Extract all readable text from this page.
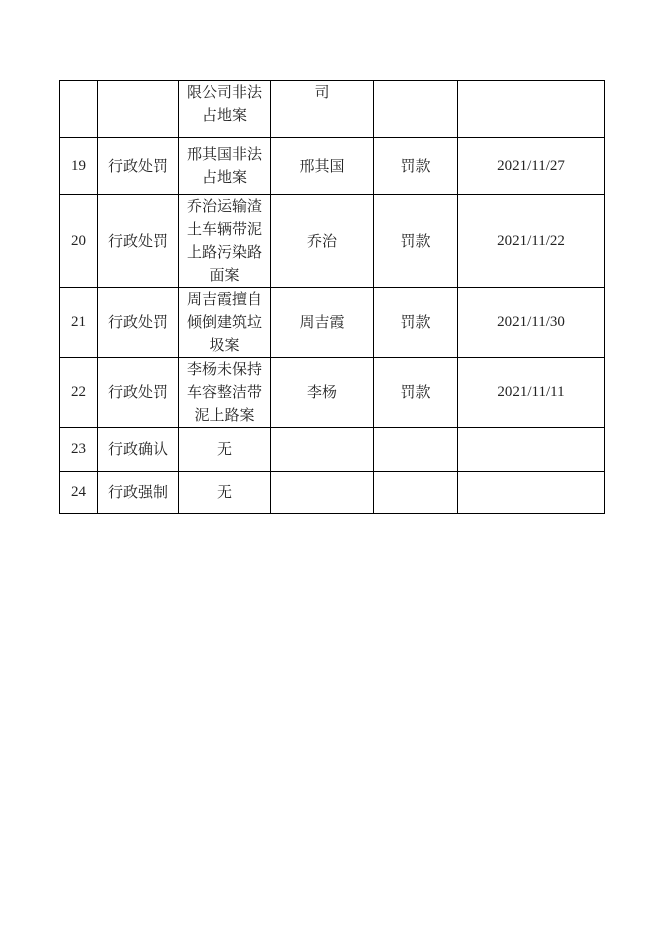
		限公司非法占地案	司		
19	行政处罚	邢其国非法占地案	邢其国	罚款	2021/11/27
20	行政处罚	乔治运输渣土车辆带泥上路污染路面案	乔治	罚款	2021/11/22
21	行政处罚	周吉霞擅自倾倒建筑垃圾案	周吉霞	罚款	2021/11/30
22	行政处罚	李杨未保持车容整洁带泥上路案	李杨	罚款	2021/11/11
23	行政确认	无			
24	行政强制	无			
